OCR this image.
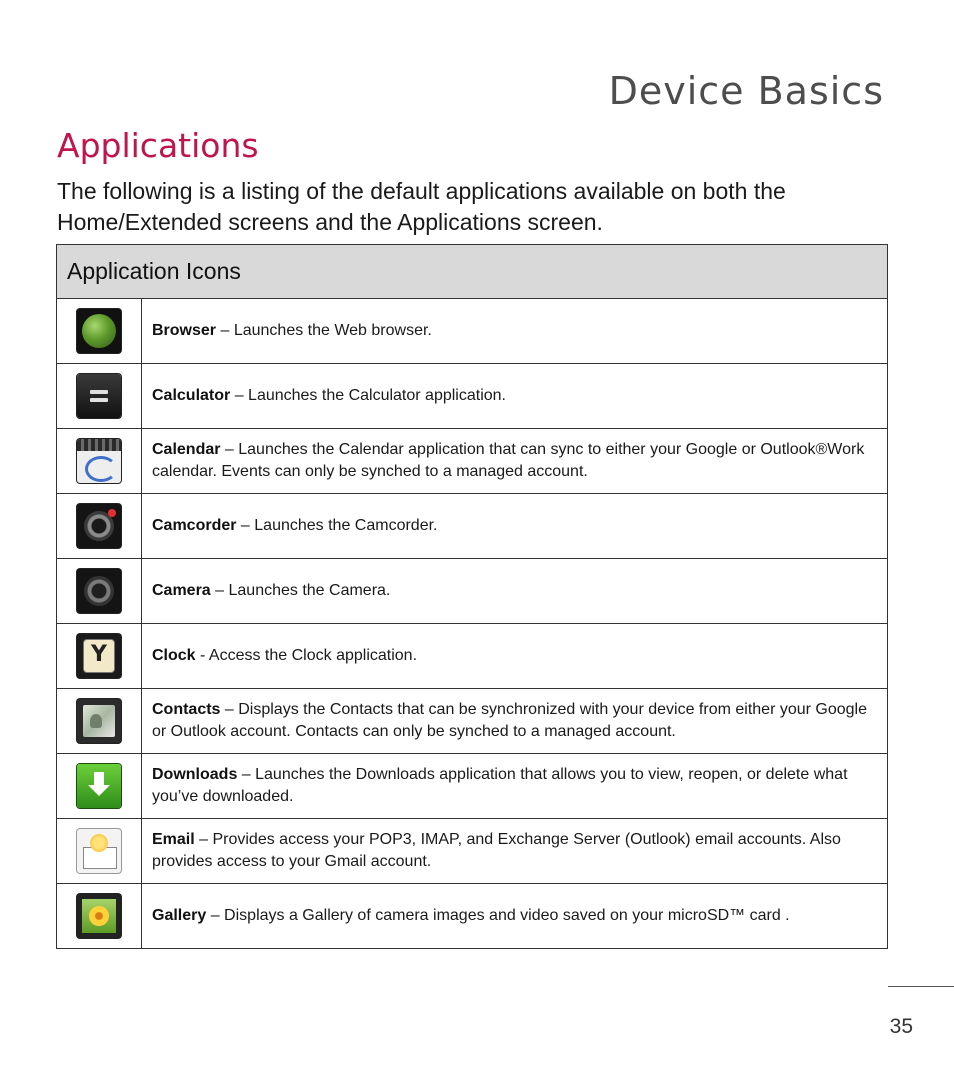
Device Basics
Applications

The following is a listing of the default applications available on both the Home/Extended screens and the Applications screen.

Application Icons	
	Browser – Launches the Web browser.
	Calculator – Launches the Calculator application.
	Calendar – Launches the Calendar application that can sync to either your Google or Outlook®Work calendar. Events can only be synched to a managed account.
	Camcorder – Launches the Camcorder.
	Camera – Launches the Camera.
Y	Clock - Access the Clock application.
	Contacts – Displays the Contacts that can be synchronized with your device from either your Google or Outlook account. Contacts can only be synched to a managed account.
	Downloads – Launches the Downloads application that allows you to view, reopen, or delete what you’ve downloaded.
	Email – Provides access your POP3, IMAP, and Exchange Server (Outlook) email accounts. Also provides access to your Gmail account.
	Gallery – Displays a Gallery of camera images and video saved on your microSD™ card .
35
